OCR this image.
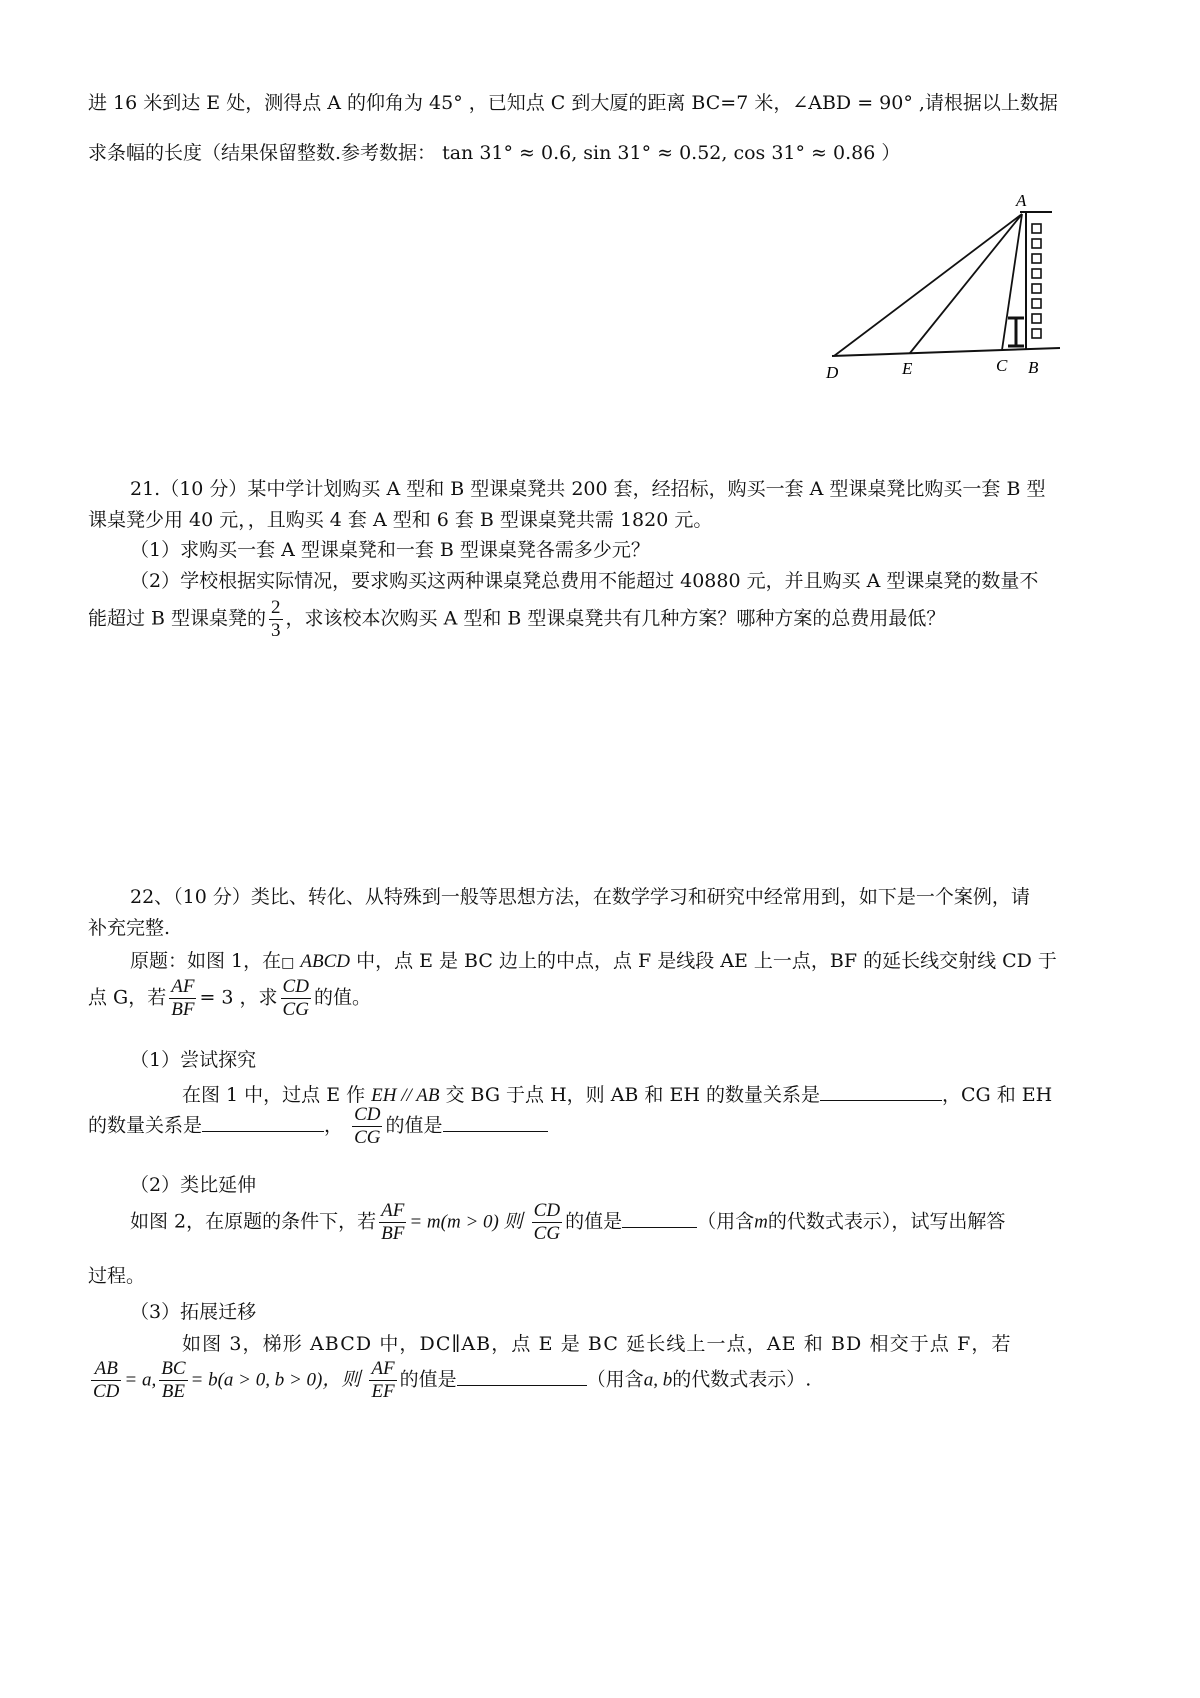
进 16 米到达 E 处，测得点 A 的仰角为 45° ，已知点 C 到大厦的距离 BC=7 米，∠ABD = 90° ,请根据以上数据
求条幅的长度（结果保留整数.参考数据： tan 31° ≈ 0.6, sin 31° ≈ 0.52, cos 31° ≈ 0.86 ）
A
B
C
D	E
21.（10 分）某中学计划购买 A 型和 B 型课桌凳共 200 套，经招标，购买一套 A 型课桌凳比购买一套 B 型
课桌凳少用 40 元，，且购买 4 套 A 型和 6 套 B 型课桌凳共需 1820 元。
（1）求购买一套 A 型课桌凳和一套 B 型课桌凳各需多少元？
（2）学校根据实际情况，要求购买这两种课桌凳总费用不能超过 40880 元，并且购买 A 型课桌凳的数量不
能超过 B 型课桌凳的 $\frac{2}{3}$ ，求该校本次购买 A 型和 B 型课桌凳共有几种方案？哪种方案的总费用最低？
22、（10 分）类比、转化、从特殊到一般等思想方法，在数学学习和研究中经常用到，如下是一个案例，请
补充完整.
原题：如图 1，在□ ABCD 中，点 E 是 BC 边上的中点，点 F 是线段 AE 上一点，BF 的延长线交射线 CD 于
点 G，若 $\frac{AF}{BF} = 3$ ，求 $\frac{CD}{CG}$ 的值。
（1）尝试探究
在图 1 中，过点 E 作 EH // AB 交 BG 于点 H，则 AB 和 EH 的数量关系是	，CG 和 EH
的数量关系是	， $\frac{CD}{CG}$ 的值是
（2）类比延伸
如图 2，在原题的条件下，若 $\frac{AF}{BF} = m(m > 0)$ 则 $\frac{CD}{CG}$ 的值是	（用含m的代数式表示），试写出解答
过程。
（3）拓展迁移
如图 3，梯形 ABCD 中，DC∥AB，点 E 是 BC 延长线上一点，AE 和 BD 相交于点 F，若
$\frac{AB}{CD} = a$, $\frac{BC}{BE} = b(a > 0$, b > 0)，则 $\frac{AF}{EF}$ 的值是	（用含a, b的代数式表示）.
